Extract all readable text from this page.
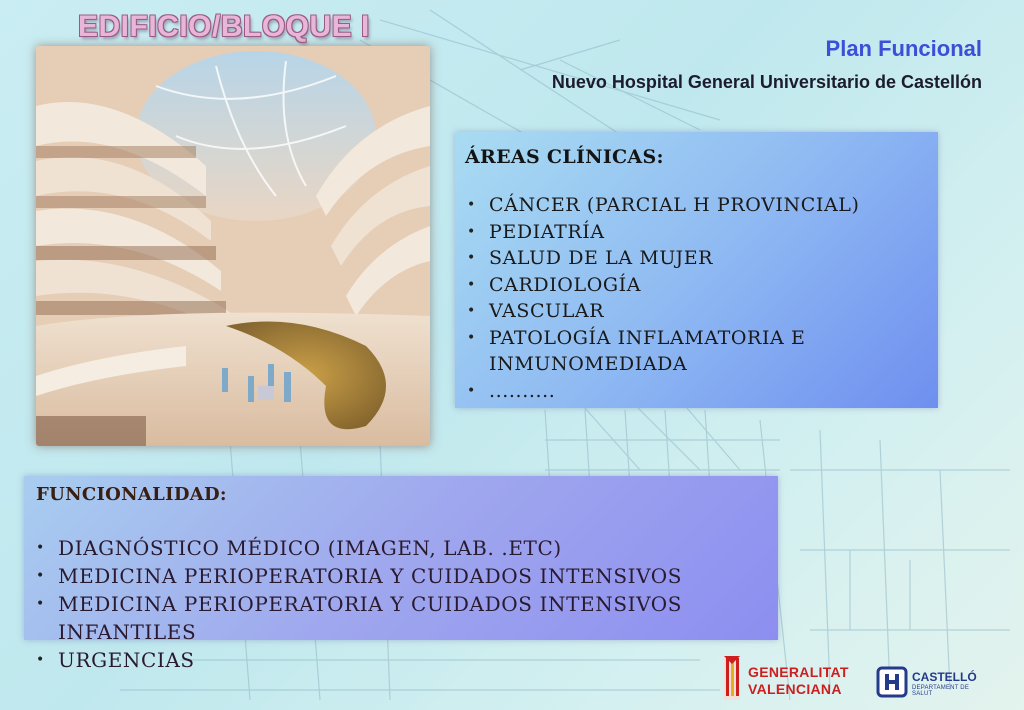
EDIFICIO/BLOQUE I
Plan Funcional
Nuevo Hospital General Universitario de Castellón
ÁREAS CLÍNICAS:
• CÁNCER (PARCIAL H PROVINCIAL)
• PEDIATRÍA
• SALUD DE LA MUJER
• CARDIOLOGÍA
• VASCULAR
• PATOLOGÍA INFLAMATORIA E
INMUNOMEDIADA
• ..........
FUNCIONALIDAD:
• DIAGNÓSTICO MÉDICO (IMAGEN, LAB. .ETC)
• MEDICINA PERIOPERATORIA Y CUIDADOS INTENSIVOS
• MEDICINA PERIOPERATORIA Y CUIDADOS INTENSIVOS INFANTILES
• URGENCIAS	GENERALITAT
VALENCIANA
CASTELLÓ
DEPARTAMENT DE SALUT
